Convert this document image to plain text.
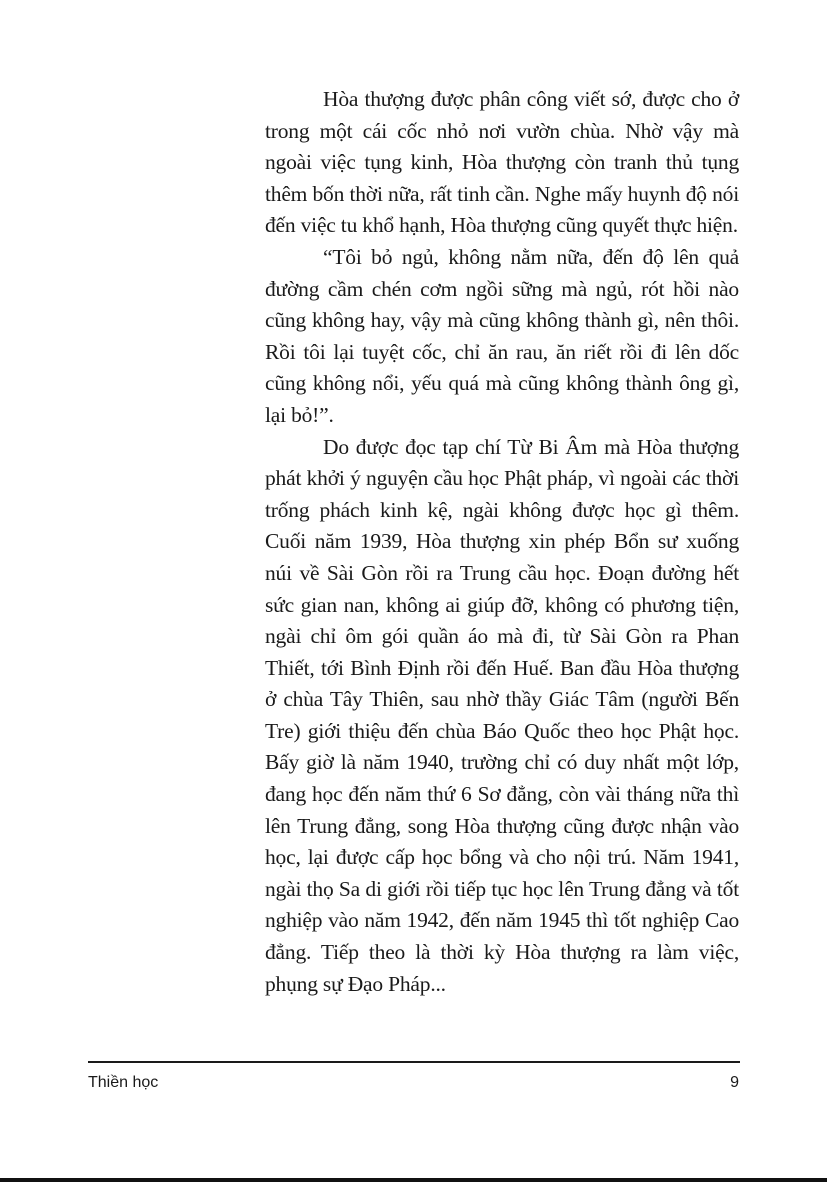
Hòa thượng được phân công viết sớ, được cho ở trong một cái cốc nhỏ nơi vườn chùa. Nhờ vậy mà ngoài việc tụng kinh, Hòa thượng còn tranh thủ tụng thêm bốn thời nữa, rất tinh cần. Nghe mấy huynh độ nói đến việc tu khổ hạnh, Hòa thượng cũng quyết thực hiện.

“Tôi bỏ ngủ, không nằm nữa, đến độ lên quả đường cầm chén cơm ngồi sững mà ngủ, rót hồi nào cũng không hay, vậy mà cũng không thành gì, nên thôi. Rồi tôi lại tuyệt cốc, chỉ ăn rau, ăn riết rồi đi lên dốc cũng không nổi, yếu quá mà cũng không thành ông gì, lại bỏ!”.

Do được đọc tạp chí Từ Bi Âm mà Hòa thượng phát khởi ý nguyện cầu học Phật pháp, vì ngoài các thời trống phách kinh kệ, ngài không được học gì thêm. Cuối năm 1939, Hòa thượng xin phép Bổn sư xuống núi về Sài Gòn rồi ra Trung cầu học. Đoạn đường hết sức gian nan, không ai giúp đỡ, không có phương tiện, ngài chỉ ôm gói quần áo mà đi, từ Sài Gòn ra Phan Thiết, tới Bình Định rồi đến Huế. Ban đầu Hòa thượng ở chùa Tây Thiên, sau nhờ thầy Giác Tâm (người Bến Tre) giới thiệu đến chùa Báo Quốc theo học Phật học. Bấy giờ là năm 1940, trường chỉ có duy nhất một lớp, đang học đến năm thứ 6 Sơ đẳng, còn vài tháng nữa thì lên Trung đẳng, song Hòa thượng cũng được nhận vào học, lại được cấp học bổng và cho nội trú. Năm 1941, ngài thọ Sa di giới rồi tiếp tục học lên Trung đẳng và tốt nghiệp vào năm 1942, đến năm 1945 thì tốt nghiệp Cao đẳng. Tiếp theo là thời kỳ Hòa thượng ra làm việc, phụng sự Đạo Pháp...

Thiền học	9
